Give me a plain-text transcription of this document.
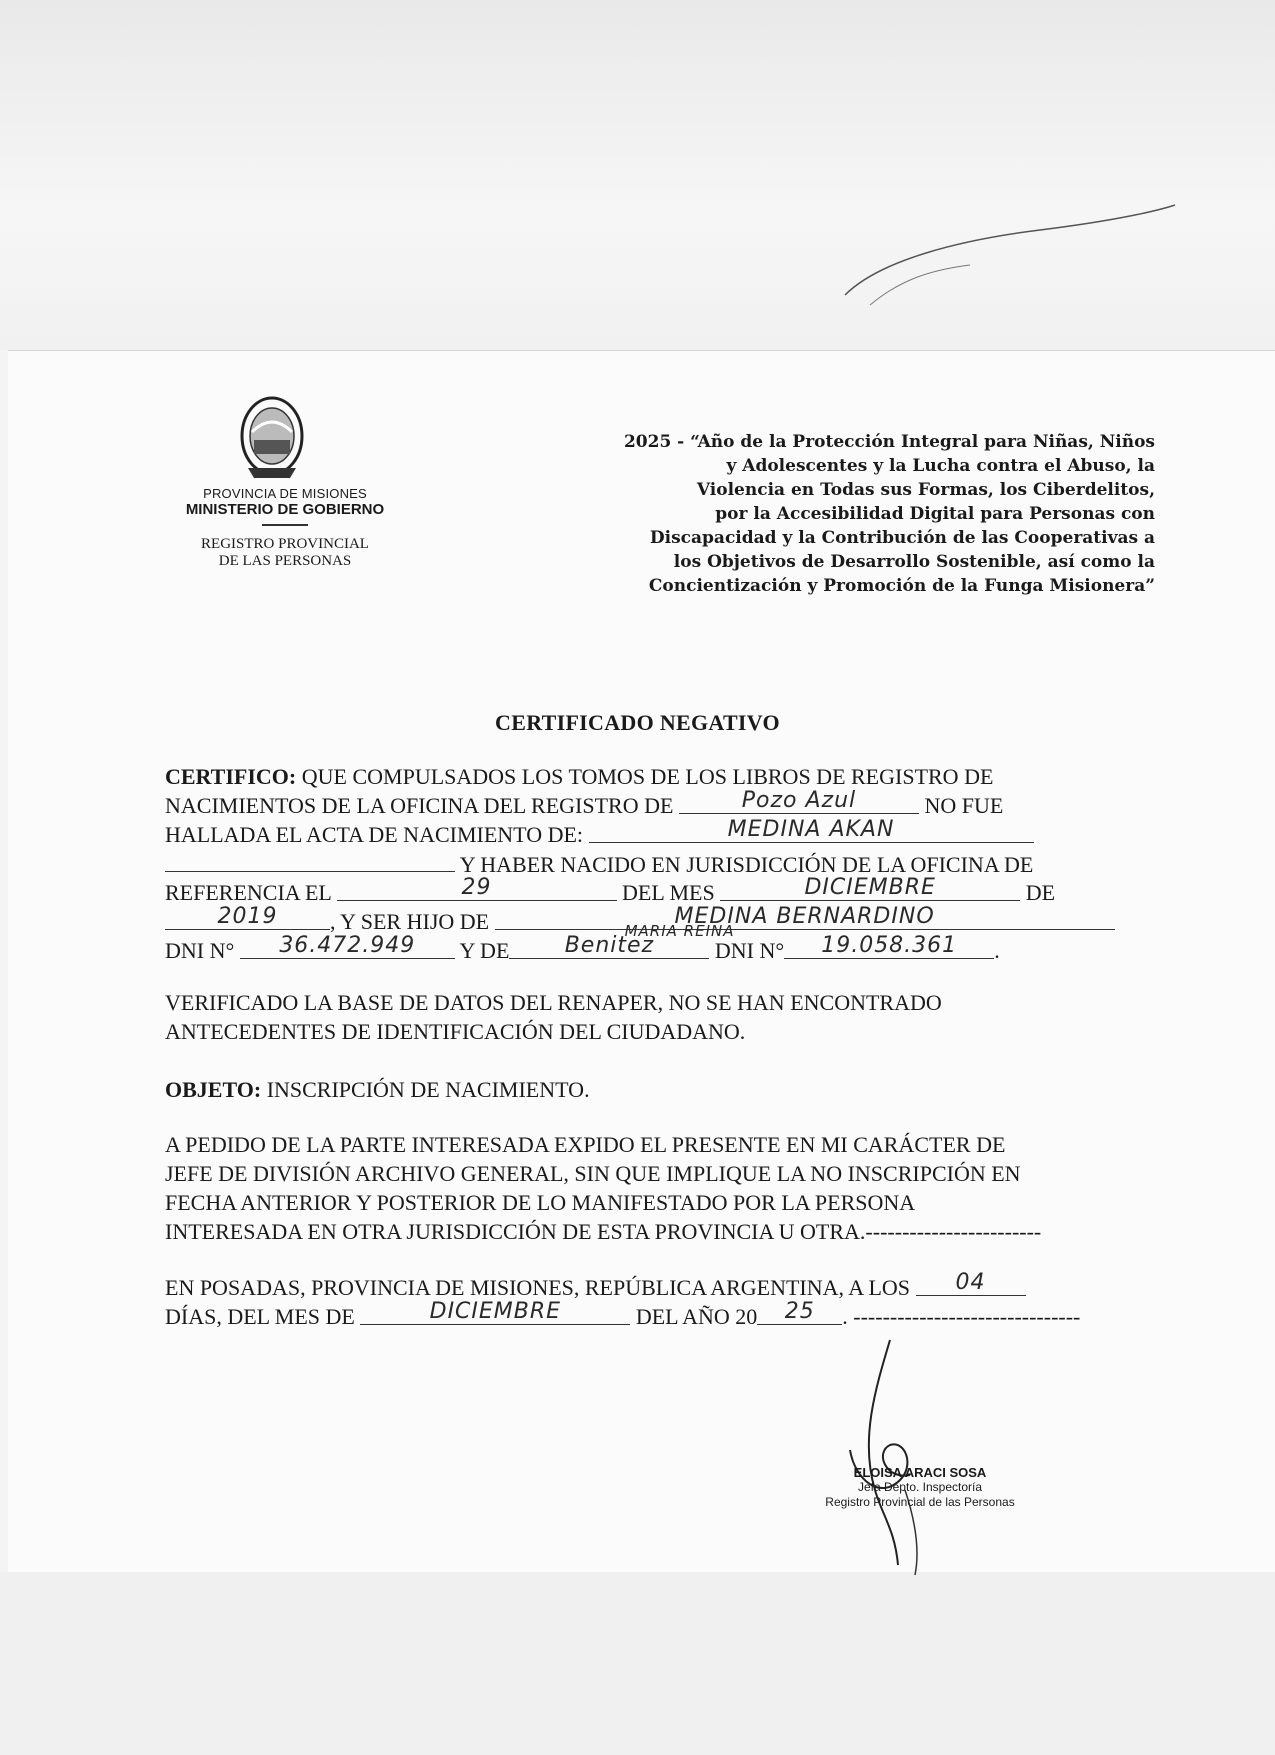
PROVINCIA DE MISIONES
MINISTERIO DE GOBIERNO
REGISTRO PROVINCIAL
DE LAS PERSONAS
2025 - “Año de la Protección Integral para Niñas, Niños
y Adolescentes y la Lucha contra el Abuso, la
Violencia en Todas sus Formas, los Ciberdelitos,
por la Accesibilidad Digital para Personas con
Discapacidad y la Contribución de las Cooperativas a
los Objetivos de Desarrollo Sostenible, así como la
Concientización y Promoción de la Funga Misionera”
CERTIFICADO NEGATIVO
CERTIFICO: QUE COMPULSADOS LOS TOMOS DE LOS LIBROS DE REGISTRO DE
NACIMIENTOS DE LA OFICINA DEL REGISTRO DE	Pozo Azul	NO FUE
HALLADA EL ACTA DE NACIMIENTO DE:	MEDINA AKAN
Y HABER NACIDO EN JURISDICCIÓN DE LA OFICINA DE
REFERENCIA EL	29	DEL MES	DICIEMBRE	DE
2019 , Y SER HIJO DE	MEDINA BERNARDINO
MARIA REINA
DNI N° 36.472.949 Y DE	Benitez	DNI N° 19.058.361 .
VERIFICADO LA BASE DE DATOS DEL RENAPER, NO SE HAN ENCONTRADO
ANTECEDENTES DE IDENTIFICACIÓN DEL CIUDADANO.
OBJETO: INSCRIPCIÓN DE NACIMIENTO.
A PEDIDO DE LA PARTE INTERESADA EXPIDO EL PRESENTE EN MI CARÁCTER DE
JEFE DE DIVISIÓN ARCHIVO GENERAL, SIN QUE IMPLIQUE LA NO INSCRIPCIÓN EN
FECHA ANTERIOR Y POSTERIOR DE LO MANIFESTADO POR LA PERSONA
INTERESADA EN OTRA JURISDICCIÓN DE ESTA PROVINCIA U OTRA.------------------------
EN POSADAS, PROVINCIA DE MISIONES, REPÚBLICA ARGENTINA, A LOS 04
DÍAS, DEL MES DE	DICIEMBRE	DEL AÑO 20 25 . -------------------------------
ELOISA ARACI SOSA
Jefa Depto. Inspectoría
Registro Provincial de las Personas
